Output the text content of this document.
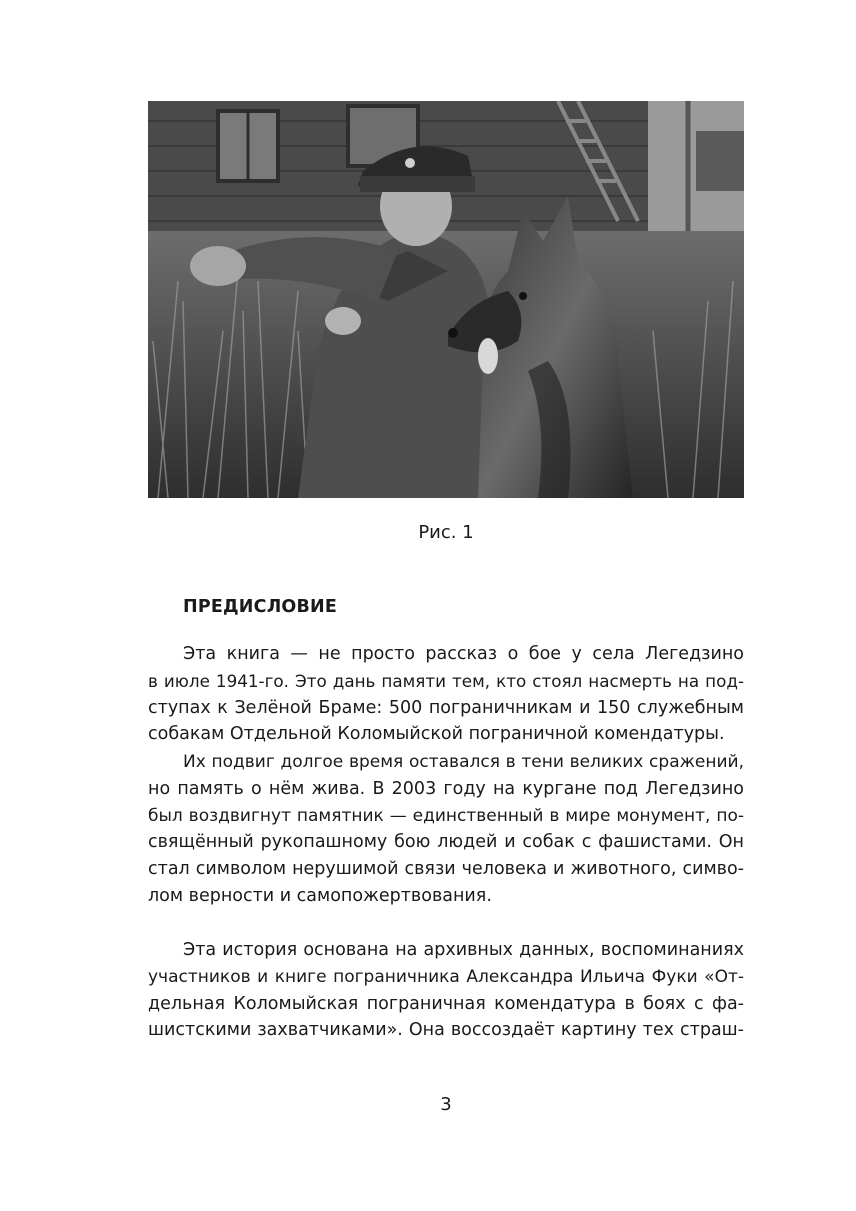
Рис. 1
ПРЕДИСЛОВИЕ

Эта книга — не просто рассказ о бое у села Легедзино
в июле 1941-го. Это дань памяти тем, кто стоял насмерть на под-
ступах к Зелёной Браме: 500 пограничникам и 150 служебным
собакам Отдельной Коломыйской пограничной комендатуры.

Их подвиг долгое время оставался в тени великих сражений,
но память о нём жива. В 2003 году на кургане под Легедзино
был воздвигнут памятник — единственный в мире монумент, по-
свящённый рукопашному бою людей и собак с фашистами. Он
стал символом нерушимой связи человека и животного, симво-
лом верности и самопожертвования.

Эта история основана на архивных данных, воспоминаниях
участников и книге пограничника Александра Ильича Фуки «От-
дельная Коломыйская пограничная комендатура в боях с фа-
шистскими захватчиками». Она воссоздаёт картину тех страш-

3
